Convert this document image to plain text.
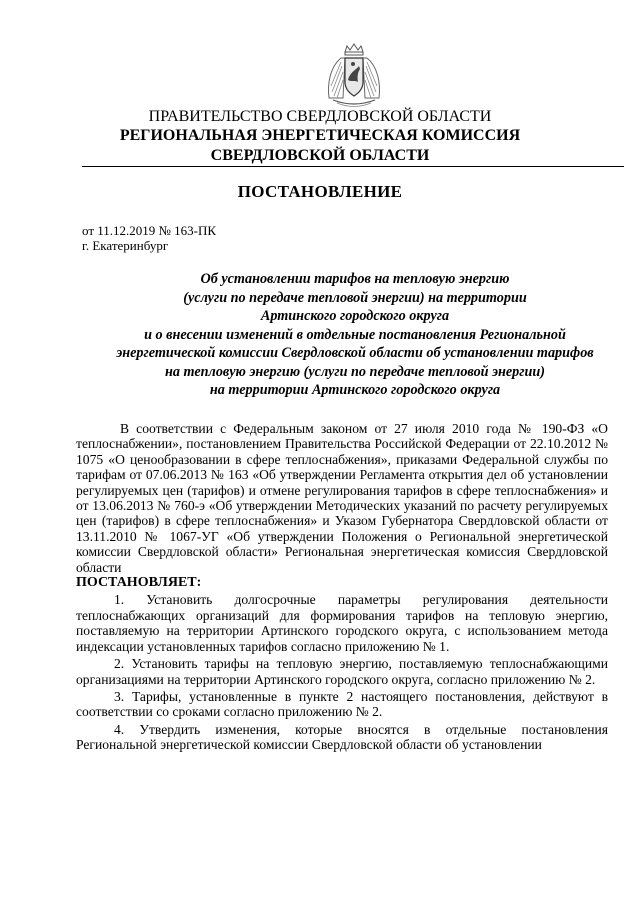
ПРАВИТЕЛЬСТВО СВЕРДЛОВСКОЙ ОБЛАСТИ
РЕГИОНАЛЬНАЯ ЭНЕРГЕТИЧЕСКАЯ КОМИССИЯ
СВЕРДЛОВСКОЙ ОБЛАСТИ
ПОСТАНОВЛЕНИЕ
от 11.12.2019 № 163-ПК
г. Екатеринбург
Об установлении тарифов на тепловую энергию
(услуги по передаче тепловой энергии) на территории
Артинского городского округа
и о внесении изменений в отдельные постановления Региональной
энергетической комиссии Свердловской области об установлении тарифов
на тепловую энергию (услуги по передаче тепловой энергии)
на территории Артинского городского округа

В соответствии с Федеральным законом от 27 июля 2010 года № 190-ФЗ «О теплоснабжении», постановлением Правительства Российской Федерации от 22.10.2012 № 1075 «О ценообразовании в сфере теплоснабжения», приказами Федеральной службы по тарифам от 07.06.2013 № 163 «Об утверждении Регламента открытия дел об установлении регулируемых цен (тарифов) и отмене регулирования тарифов в сфере теплоснабжения» и от 13.06.2013 № 760-э «Об утверждении Методических указаний по расчету регулируемых цен (тарифов) в сфере теплоснабжения» и Указом Губернатора Свердловской области от 13.11.2010 № 1067-УГ «Об утверждении Положения о Региональной энергетической комиссии Свердловской области» Региональная энергетическая комиссия Свердловской области

ПОСТАНОВЛЯЕТ:

1. Установить долгосрочные параметры регулирования деятельности теплоснабжающих организаций для формирования тарифов на тепловую энергию, поставляемую на территории Артинского городского округа, с использованием метода индексации установленных тарифов согласно приложению № 1.

2. Установить тарифы на тепловую энергию, поставляемую теплоснабжающими организациями на территории Артинского городского округа, согласно приложению № 2.

3. Тарифы, установленные в пункте 2 настоящего постановления, действуют в соответствии со сроками согласно приложению № 2.

4. Утвердить изменения, которые вносятся в отдельные постановления Региональной энергетической комиссии Свердловской области об установлении
